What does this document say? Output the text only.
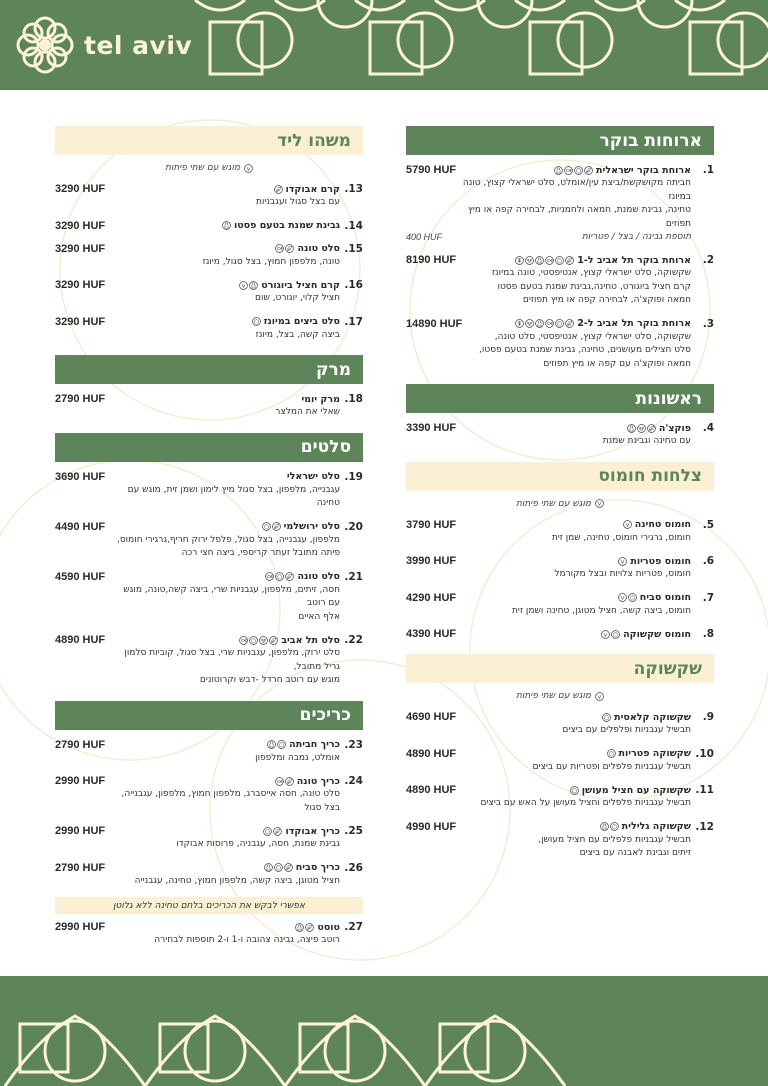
tel aviv
ארוחות בוקר
1.
ארוחת בוקר ישראלית
5790 HUF
חביתה מקושקשת/ביצת עין/אומלט, סלט ישראלי קצוץ, טונה במיונז
טחינה, גבינת שמנת, חמאה ולחמניות, לבחירה קפה או מיץ תפוזים
תוספת גבינה / בצל / פטריות
400 HUF
2.
ארוחת בוקר תל אביב ל-1
8190 HUF
שקשוקה, סלט ישראלי קצוץ, אנטיפסטי, טונה במיונז
קרם חציל ביוגורט, טחינה,גבינת שמנת בטעם פסטו
חמאה ופוקצ'ה, לבחירה קפה או מיץ תפוזים
3.
ארוחת בוקר תל אביב ל-2
14890 HUF
שקשוקה, סלט ישראלי קצוץ, אנטיפסטי, סלט טונה,
סלט חצילים מעושנים, טחינה, גבינת שמנת בטעם פסטו,
חמאה ופוקצ'ה עם קפה או מיץ תפוזים
ראשונות
4.
פוקצ'ה
3390 HUF
עם טחינה וגבינת שמנת
צלחות חומוס
מוגש עם שתי פיתות
5.
חומוס טחינה
3790 HUF
חומוס, גרגירי חומוס, טחינה, שמן זית
6.
חומוס פטריות
3990 HUF
חומוס, פטריות צלויות ובצל מקורמל
7.
חומוס סביח
4290 HUF
חומוס, ביצה קשה, חציל מטוגן, טחינה ושמן זית
8.
חומוס שקשוקה
4390 HUF
שקשוקה
מוגש עם שתי פיתות
9.
שקשוקה קלאסית
4690 HUF
תבשיל עגבניות ופלפלים עם ביצים
10.
שקשוקה פטריות
4890 HUF
תבשיל עגבניות פלפלים ופטריות עם ביצים
11.
שקשוקה עם חציל מעושן
4890 HUF
תבשיל עגבניות פלפלים וחציל מעושן על האש עם ביצים
12.
שקשוקה גלילית
4990 HUF
תבשיל עגבניות פלפלים עם חציל מעושן,
זיתים וגבינת לאבנה עם ביצים
משהו ליד
מוגש עם שתי פיתות
13.
קרם אבוקדו
3290 HUF
עם בצל סגול ועגבניות
14.
גבינת שמנת בטעם פסטו
3290 HUF
15.
סלט טונה
3290 HUF
טונה, מלפפון חמוץ, בצל סגול, מיונז
16.
קרם חציל ביוגורט
3290 HUF
חציל קלוי, יוגורט, שום
17.
סלט ביצים במיונז
3290 HUF
ביצה קשה, בצל, מיונז
מרק
18.
מרק יומי
2790 HUF
שאלי את המלצר
סלטים
19.
סלט ישראלי
3690 HUF
עגבנייה, מלפפון, בצל סגול מיץ לימון ושמן זית, מוגש עם טחינה
20.
סלט ירושלמי
4490 HUF
מלפפון, עגבנייה, בצל סגול, פלפל ירוק חריף,גרגירי חומוס,
פיתה מתובל זעתר קריספי, ביצה חצי רכה
21.
סלט טונה
4590 HUF
חסה, זיתים, מלפפון, עגבניות שרי, ביצה קשה,טונה, מוגש עם רוטב
אלף האיים
22.
סלט תל אביב
4890 HUF
סלט ירוק, מלפפון, עגבניות שרי, בצל סגול, קוביות סלמון גריל מתובל,
מוגש עם רוטב חרדל -דבש וקרוטונים
כריכים
23.
כריך חביתה
2790 HUF
אומלט, גמבה ומלפפון
24.
כריך טונה
2990 HUF
סלט טונה, חסה אייסברג, מלפפון חמוץ, מלפפון, עגבנייה, בצל סגול
25.
כריך אבוקדו
2990 HUF
גבינת שמנת, חסה, עגבניה, פרוסות אבוקדו
26.
כריך סביח
2790 HUF
חציל מטוגן, ביצה קשה, מלפפון חמוץ, טחינה, עגבנייה
אפשרי לבקש את הכריכים בלחם טחינה ללא גלוטן
27.
טוסט
2990 HUF
רוטב פיצה, גבינה צהובה ו-1 ו-2 תוספות לבחירה
